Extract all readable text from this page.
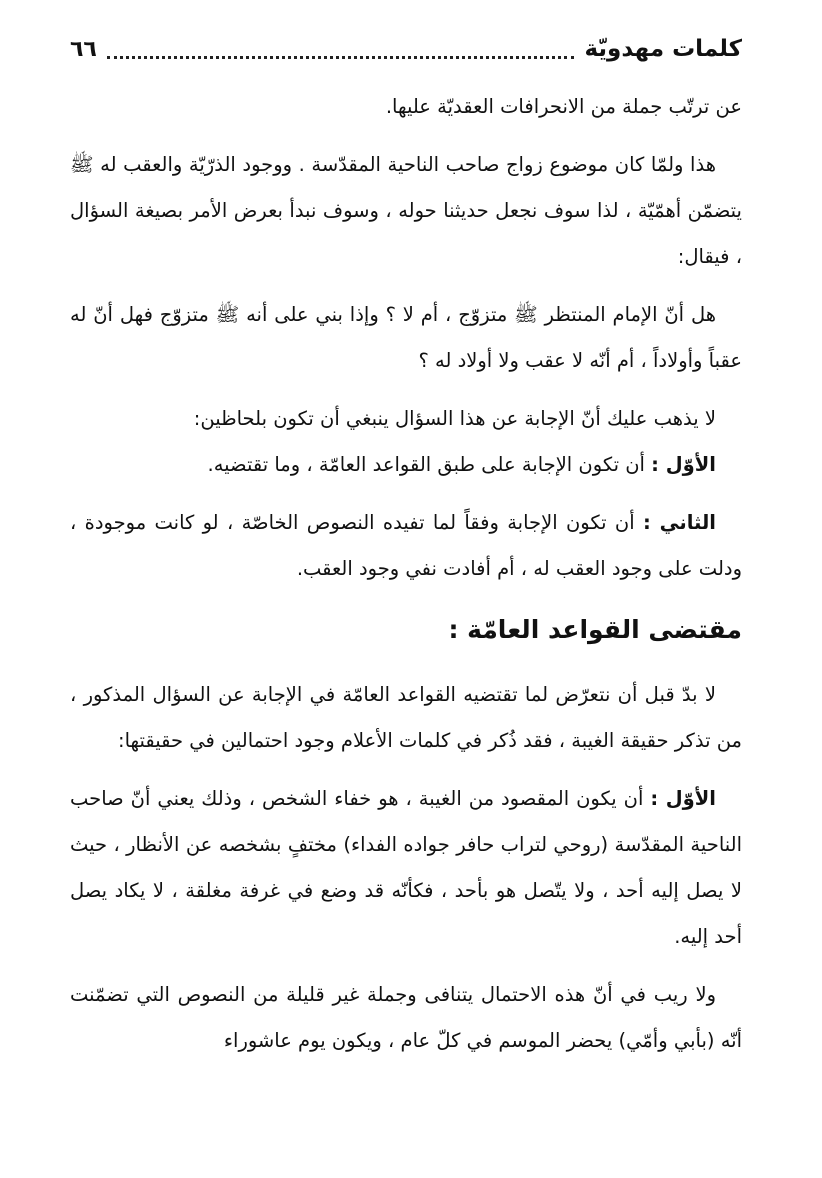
كلمات مهدويّة
٦٦

عن ترتّب جملة من الانحرافات العقديّة عليها.

هذا ولمّا كان موضوع زواج صاحب الناحية المقدّسة . ووجود الذرّيّة والعقب له ﷺ يتضمّن أهمّيّة ، لذا سوف نجعل حديثنا حوله ، وسوف نبدأ بعرض الأمر بصيغة السؤال ، فيقال:

هل أنّ الإمام المنتظر ﷺ متزوّج ، أم لا ؟ وإذا بني على أنه ﷺ متزوّج فهل أنّ له عقباً وأولاداً ، أم أنّه لا عقب ولا أولاد له ؟

لا يذهب عليك أنّ الإجابة عن هذا السؤال ينبغي أن تكون بلحاظين:

الأوّل : أن تكون الإجابة على طبق القواعد العامّة ، وما تقتضيه.

الثاني : أن تكون الإجابة وفقاً لما تفيده النصوص الخاصّة ، لو كانت موجودة ، ودلت على وجود العقب له ، أم أفادت نفي وجود العقب.

مقتضى القواعد العامّة :

لا بدّ قبل أن نتعرّض لما تقتضيه القواعد العامّة في الإجابة عن السؤال المذكور ، من تذكر حقيقة الغيبة ، فقد ذُكر في كلمات الأعلام وجود احتمالين في حقيقتها:

الأوّل : أن يكون المقصود من الغيبة ، هو خفاء الشخص ، وذلك يعني أنّ صاحب الناحية المقدّسة (روحي لتراب حافر جواده الفداء) مختفٍ بشخصه عن الأنظار ، حيث لا يصل إليه أحد ، ولا يتّصل هو بأحد ، فكأنّه قد وضع في غرفة مغلقة ، لا يكاد يصل أحد إليه.

ولا ريب في أنّ هذه الاحتمال يتنافى وجملة غير قليلة من النصوص التي تضمّنت أنّه (بأبي وأمّي) يحضر الموسم في كلّ عام ، ويكون يوم عاشوراء
